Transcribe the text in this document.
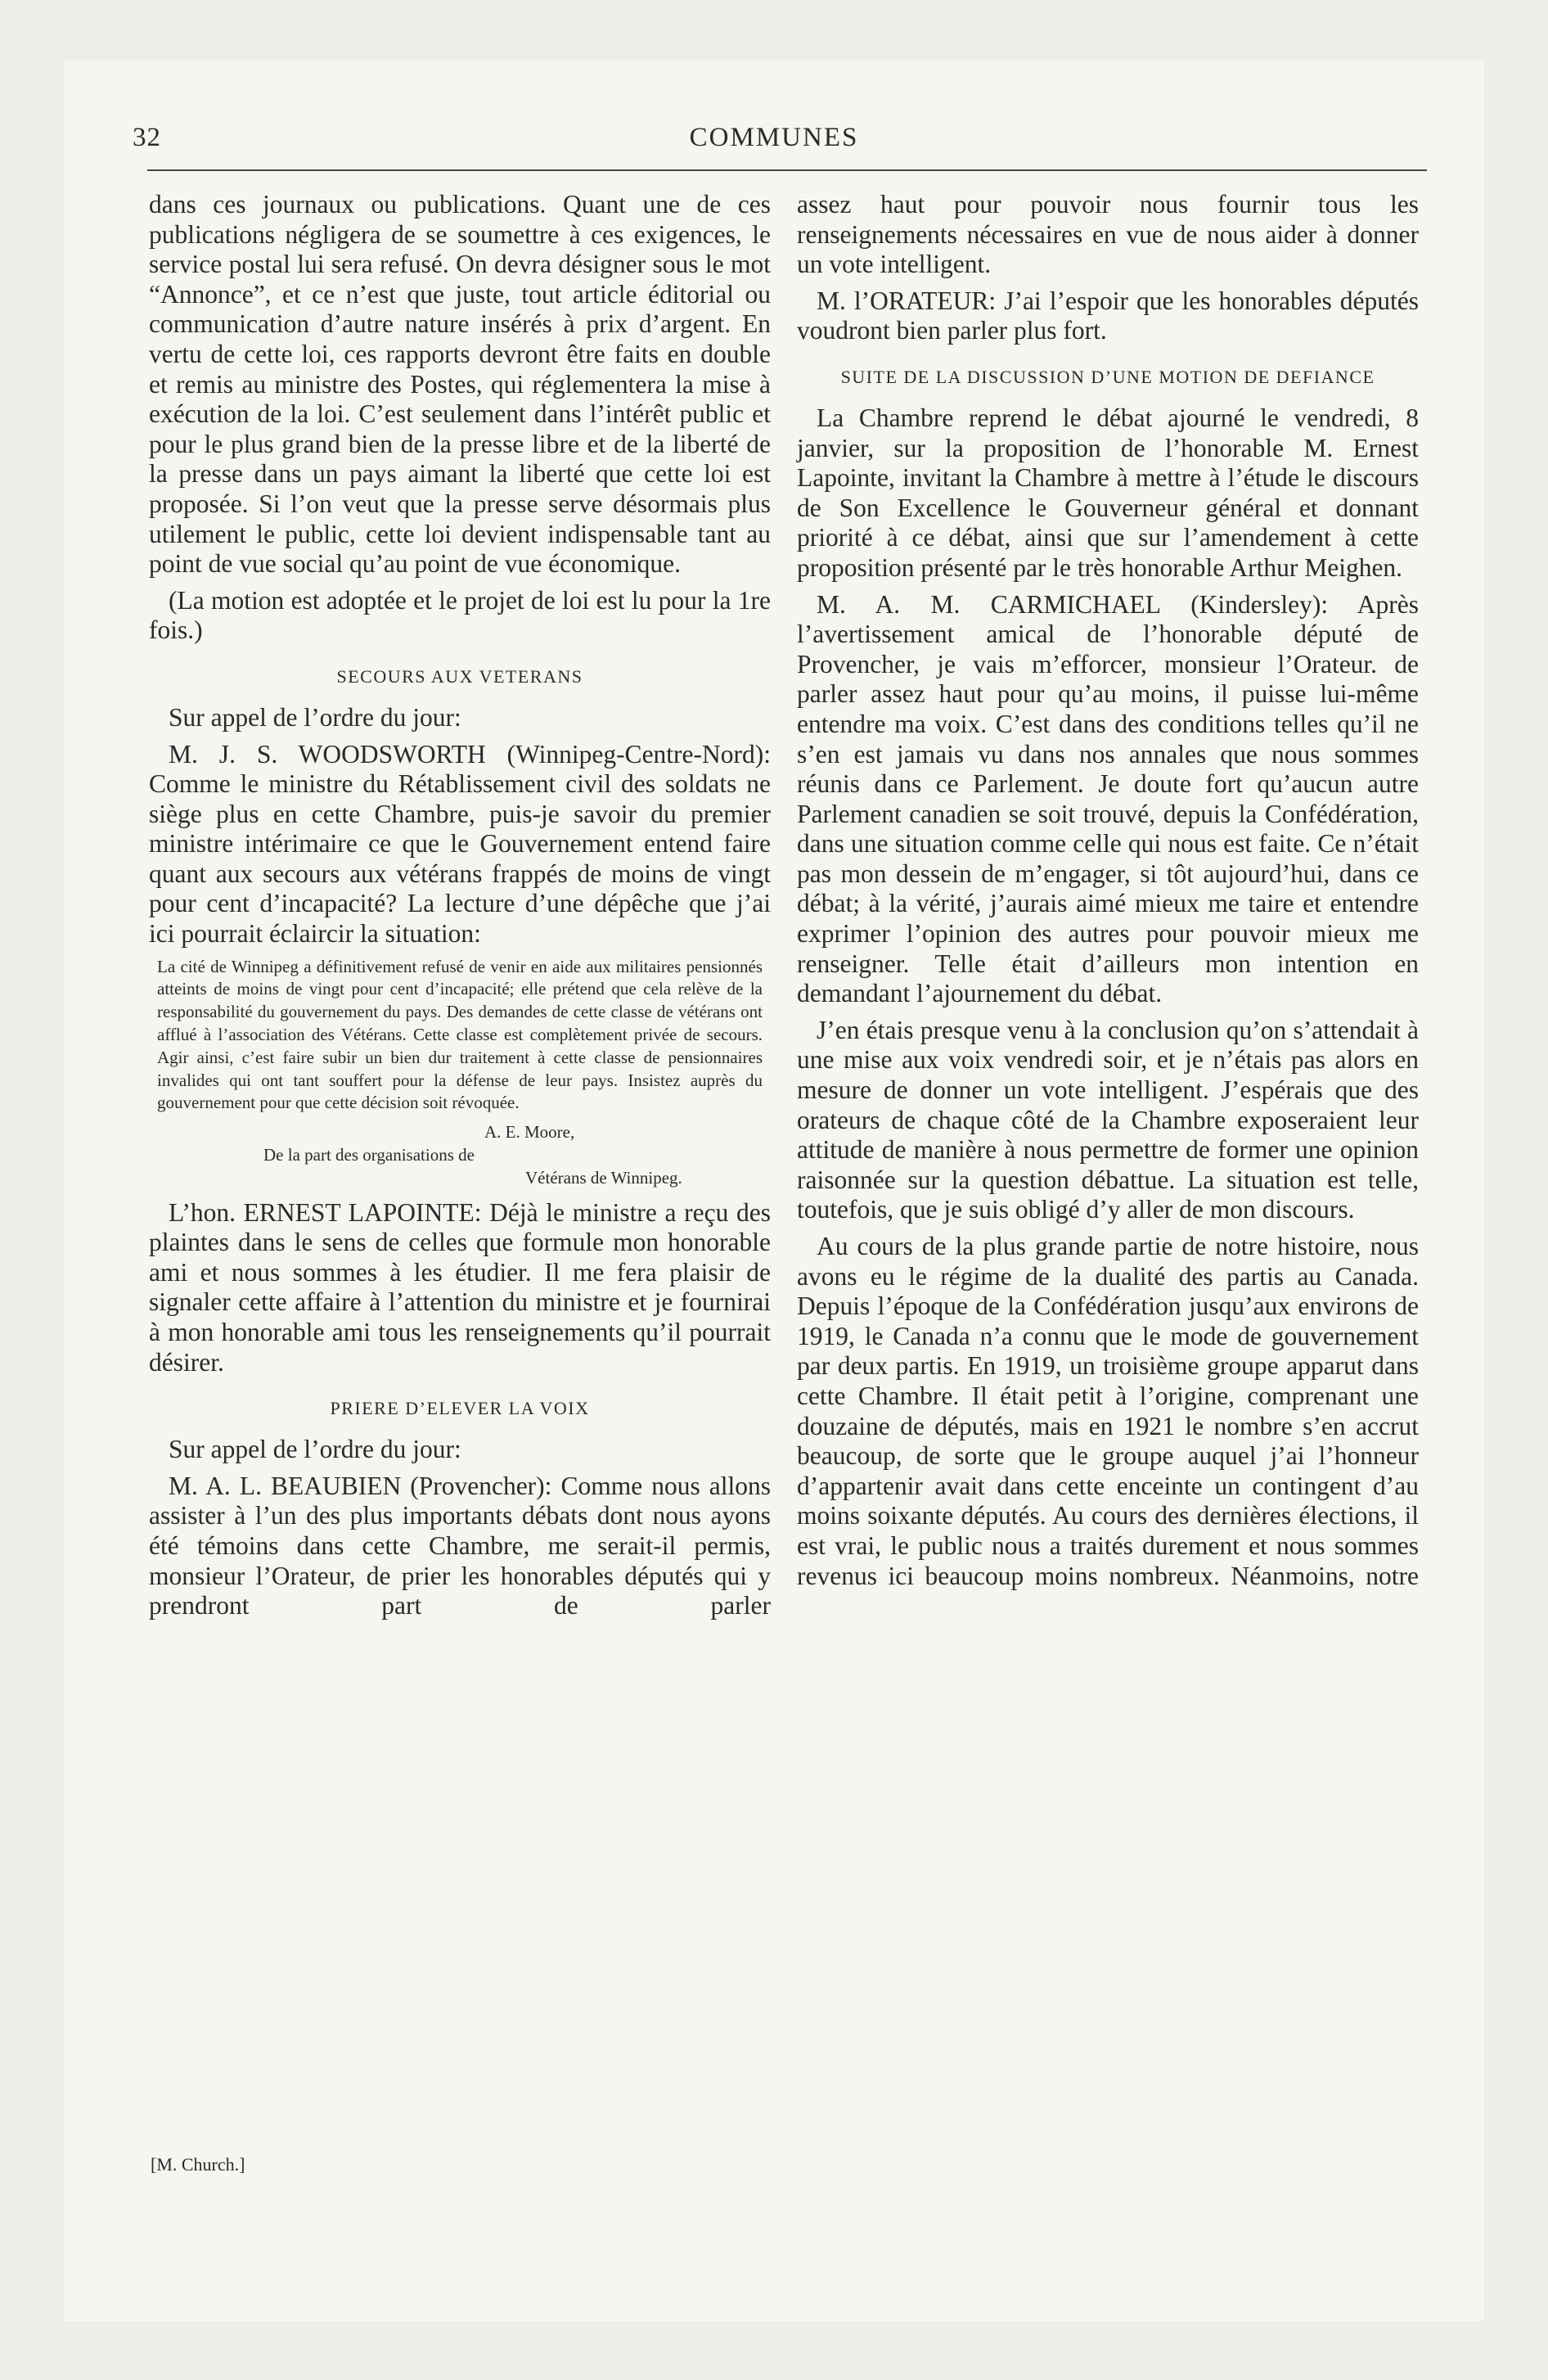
32	COMMUNES

dans ces journaux ou publications. Quant une de ces publications négligera de se soumettre à ces exigences, le service postal lui sera refusé. On devra désigner sous le mot “Annonce”, et ce n’est que juste, tout article éditorial ou communication d’autre nature insérés à prix d’argent. En vertu de cette loi, ces rapports devront être faits en double et remis au ministre des Postes, qui réglementera la mise à exécution de la loi. C’est seulement dans l’intérêt public et pour le plus grand bien de la presse libre et de la liberté de la presse dans un pays aimant la liberté que cette loi est proposée. Si l’on veut que la presse serve désormais plus utilement le public, cette loi devient indispensable tant au point de vue social qu’au point de vue économique.

(La motion est adoptée et le projet de loi est lu pour la 1re fois.)

SECOURS AUX VETERANS

Sur appel de l’ordre du jour:

M. J. S. WOODSWORTH (Winnipeg-Centre-Nord): Comme le ministre du Rétablissement civil des soldats ne siège plus en cette Chambre, puis-je savoir du premier ministre intérimaire ce que le Gouvernement entend faire quant aux secours aux vétérans frappés de moins de vingt pour cent d’incapacité? La lecture d’une dépêche que j’ai ici pourrait éclaircir la situation:

La cité de Winnipeg a définitivement refusé de venir en aide aux militaires pensionnés atteints de moins de vingt pour cent d’incapacité; elle prétend que cela relève de la responsabilité du gouvernement du pays. Des demandes de cette classe de vétérans ont afflué à l’association des Vétérans. Cette classe est complètement privée de secours. Agir ainsi, c’est faire subir un bien dur traitement à cette classe de pensionnaires invalides qui ont tant souffert pour la défense de leur pays. Insistez auprès du gouvernement pour que cette décision soit révoquée.

A. E. Moore,
De la part des organisations de
Vétérans de Winnipeg.

L’hon. ERNEST LAPOINTE: Déjà le ministre a reçu des plaintes dans le sens de celles que formule mon honorable ami et nous sommes à les étudier. Il me fera plaisir de signaler cette affaire à l’attention du ministre et je fournirai à mon honorable ami tous les renseignements qu’il pourrait désirer.

PRIERE D’ELEVER LA VOIX

Sur appel de l’ordre du jour:

M. A. L. BEAUBIEN (Provencher): Comme nous allons assister à l’un des plus importants débats dont nous ayons été témoins dans cette Chambre, me serait-il permis, monsieur l’Orateur, de prier les honorables députés qui y prendront part de parler

assez haut pour pouvoir nous fournir tous les renseignements nécessaires en vue de nous aider à donner un vote intelligent.

M. l’ORATEUR: J’ai l’espoir que les honorables députés voudront bien parler plus fort.

SUITE DE LA DISCUSSION D’UNE MOTION DE DEFIANCE

La Chambre reprend le débat ajourné le vendredi, 8 janvier, sur la proposition de l’honorable M. Ernest Lapointe, invitant la Chambre à mettre à l’étude le discours de Son Excellence le Gouverneur général et donnant priorité à ce débat, ainsi que sur l’amendement à cette proposition présenté par le très honorable Arthur Meighen.

M. A. M. CARMICHAEL (Kindersley): Après l’avertissement amical de l’honorable député de Provencher, je vais m’efforcer, monsieur l’Orateur. de parler assez haut pour qu’au moins, il puisse lui-même entendre ma voix. C’est dans des conditions telles qu’il ne s’en est jamais vu dans nos annales que nous sommes réunis dans ce Parlement. Je doute fort qu’aucun autre Parlement canadien se soit trouvé, depuis la Confédération, dans une situation comme celle qui nous est faite. Ce n’était pas mon dessein de m’engager, si tôt aujourd’hui, dans ce débat; à la vérité, j’aurais aimé mieux me taire et entendre exprimer l’opinion des autres pour pouvoir mieux me renseigner. Telle était d’ailleurs mon intention en demandant l’ajournement du débat.

J’en étais presque venu à la conclusion qu’on s’attendait à une mise aux voix vendredi soir, et je n’étais pas alors en mesure de donner un vote intelligent. J’espérais que des orateurs de chaque côté de la Chambre exposeraient leur attitude de manière à nous permettre de former une opinion raisonnée sur la question débattue. La situation est telle, toutefois, que je suis obligé d’y aller de mon discours.

Au cours de la plus grande partie de notre histoire, nous avons eu le régime de la dualité des partis au Canada. Depuis l’époque de la Confédération jusqu’aux environs de 1919, le Canada n’a connu que le mode de gouvernement par deux partis. En 1919, un troisième groupe apparut dans cette Chambre. Il était petit à l’origine, comprenant une douzaine de députés, mais en 1921 le nombre s’en accrut beaucoup, de sorte que le groupe auquel j’ai l’honneur d’appartenir avait dans cette enceinte un contingent d’au moins soixante députés. Au cours des dernières élections, il est vrai, le public nous a traités durement et nous sommes revenus ici beaucoup moins nombreux. Néanmoins, notre

[M. Church.]
